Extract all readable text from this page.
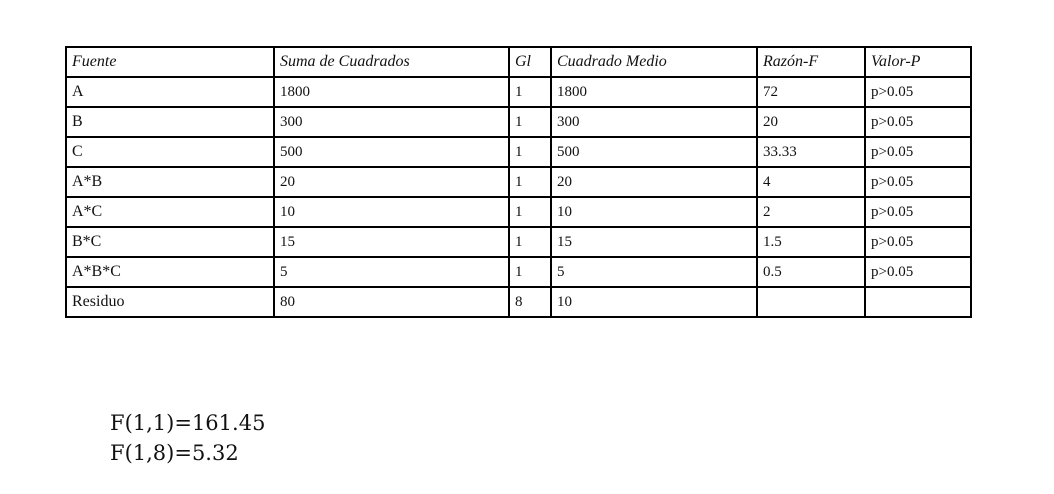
Fuente	Suma de Cuadrados	Gl	Cuadrado Medio	Razón-F	Valor-P
A	1800	1	1800	72	p>0.05
B	300	1	300	20	p>0.05
C	500	1	500	33.33	p>0.05
A*B	20	1	20	4	p>0.05
A*C	10	1	10	2	p>0.05
B*C	15	1	15	1.5	p>0.05
A*B*C	5	1	5	0.5	p>0.05
Residuo	80	8	10		
F(1,1)=161.45
F(1,8)=5.32
